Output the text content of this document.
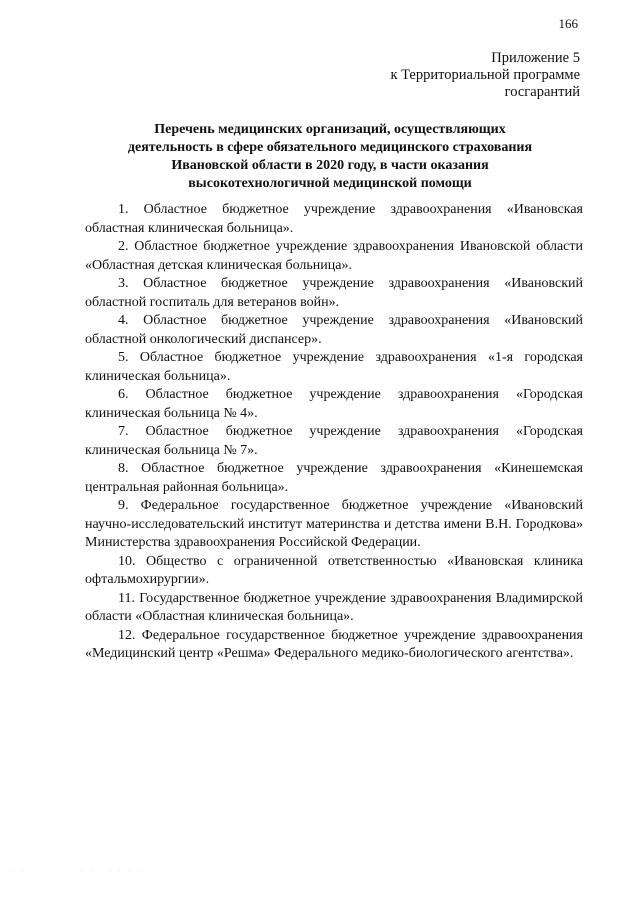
166
Приложение 5
к Территориальной программе
госгарантий
Перечень медицинских организаций, осуществляющих
деятельность в сфере обязательного медицинского страхования
Ивановской области в 2020 году, в части оказания
высокотехнологичной медицинской помощи

1. Областное бюджетное учреждение здравоохранения «Ивановская областная клиническая больница».

2. Областное бюджетное учреждение здравоохранения Ивановской области «Областная детская клиническая больница».

3. Областное бюджетное учреждение здравоохранения «Ивановский областной госпиталь для ветеранов войн».

4. Областное бюджетное учреждение здравоохранения «Ивановский областной онкологический диспансер».

5. Областное бюджетное учреждение здравоохранения «1-я городская клиническая больница».

6. Областное бюджетное учреждение здравоохранения «Городская клиническая больница № 4».

7. Областное бюджетное учреждение здравоохранения «Городская клиническая больница № 7».

8. Областное бюджетное учреждение здравоохранения «Кинешемская центральная районная больница».

9. Федеральное государственное бюджетное учреждение «Ивановский научно-исследовательский институт материнства и детства имени В.Н. Городкова» Министерства здравоохранения Российской Федерации.

10. Общество с ограниченной ответственностью «Ивановская клиника офтальмохирургии».

11. Государственное бюджетное учреждение здравоохранения Владимирской области «Областная клиническая больница».

12. Федеральное государственное бюджетное учреждение здравоохранения «Медицинский центр «Решма» Федерального медико-биологического агентства».

· · ·          · ·   · · · ·
